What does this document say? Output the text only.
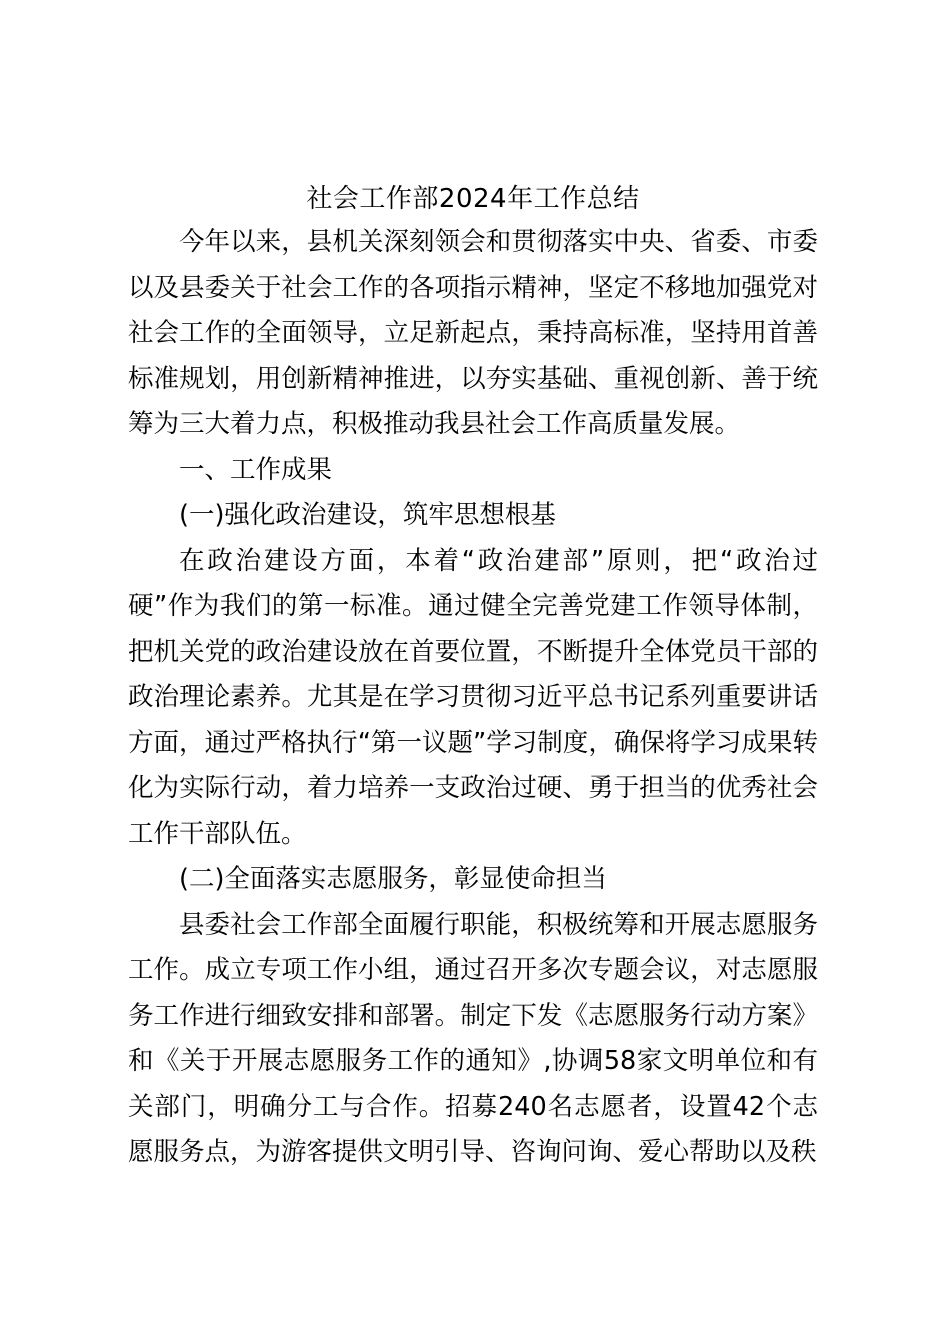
社会工作部2024年工作总结

今年以来，县机关深刻领会和贯彻落实中央、省委、市委以及县委关于社会工作的各项指示精神，坚定不移地加强党对社会工作的全面领导，立足新起点，秉持高标准，坚持用首善标准规划，用创新精神推进，以夯实基础、重视创新、善于统筹为三大着力点，积极推动我县社会工作高质量发展。

一、工作成果

(一)强化政治建设，筑牢思想根基

在政治建设方面，本着“政治建部”原则，把“政治过硬”作为我们的第一标准。通过健全完善党建工作领导体制，把机关党的政治建设放在首要位置，不断提升全体党员干部的政治理论素养。尤其是在学习贯彻习近平总书记系列重要讲话方面，通过严格执行“第一议题”学习制度，确保将学习成果转化为实际行动，着力培养一支政治过硬、勇于担当的优秀社会工作干部队伍。

(二)全面落实志愿服务，彰显使命担当

县委社会工作部全面履行职能，积极统筹和开展志愿服务工作。成立专项工作小组，通过召开多次专题会议，对志愿服务工作进行细致安排和部署。制定下发《志愿服务行动方案》和《关于开展志愿服务工作的通知》,协调58家文明单位和有关部门，明确分工与合作。招募240名志愿者，设置42个志愿服务点，为游客提供文明引导、咨询问询、爱心帮助以及秩
